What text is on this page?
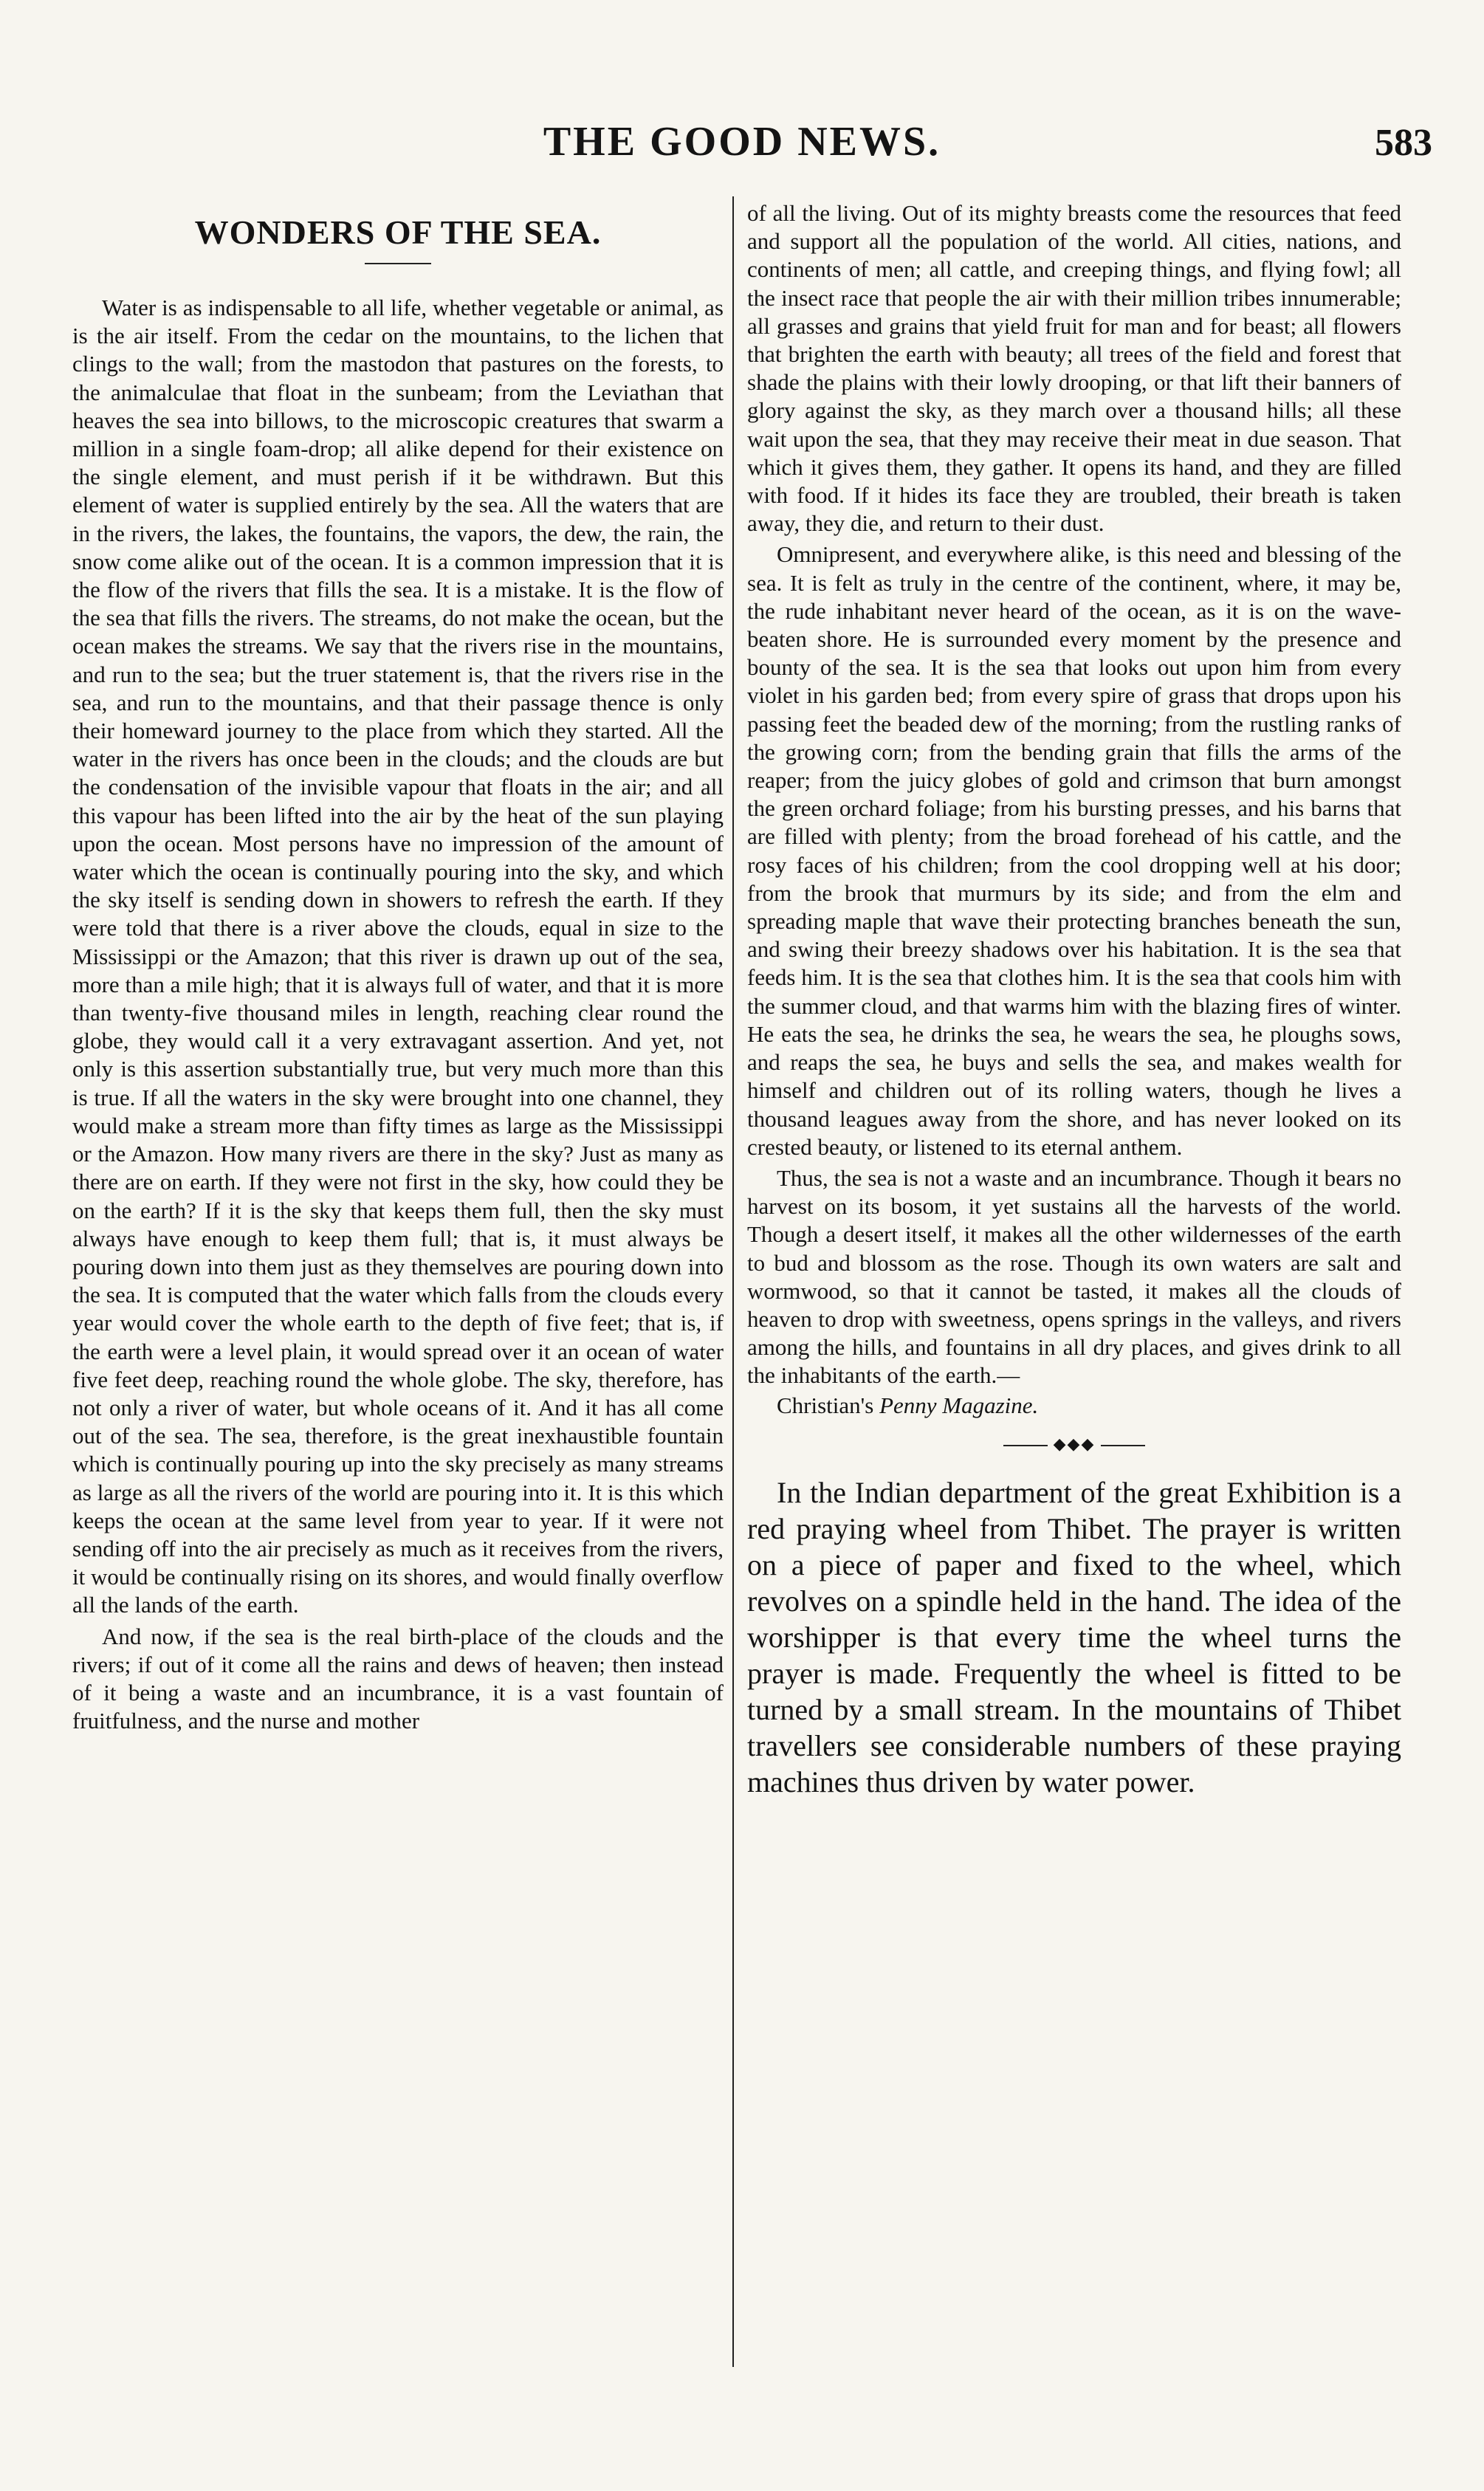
THE GOOD NEWS.	583
WONDERS OF THE SEA.

Water is as indispensable to all life, whether vegetable or animal, as is the air itself. From the cedar on the mountains, to the lichen that clings to the wall; from the mastodon that pastures on the forests, to the animalculae that float in the sunbeam; from the Leviathan that heaves the sea into billows, to the microscopic creatures that swarm a million in a single foam-drop; all alike depend for their existence on the single element, and must perish if it be withdrawn. But this element of water is supplied entirely by the sea. All the waters that are in the rivers, the lakes, the fountains, the vapors, the dew, the rain, the snow come alike out of the ocean. It is a common impression that it is the flow of the rivers that fills the sea. It is a mistake. It is the flow of the sea that fills the rivers. The streams, do not make the ocean, but the ocean makes the streams. We say that the rivers rise in the mountains, and run to the sea; but the truer statement is, that the rivers rise in the sea, and run to the mountains, and that their passage thence is only their homeward journey to the place from which they started. All the water in the rivers has once been in the clouds; and the clouds are but the condensation of the invisible vapour that floats in the air; and all this vapour has been lifted into the air by the heat of the sun playing upon the ocean. Most persons have no impression of the amount of water which the ocean is continually pouring into the sky, and which the sky itself is sending down in showers to refresh the earth. If they were told that there is a river above the clouds, equal in size to the Mississippi or the Amazon; that this river is drawn up out of the sea, more than a mile high; that it is always full of water, and that it is more than twenty-five thousand miles in length, reaching clear round the globe, they would call it a very extravagant assertion. And yet, not only is this assertion substantially true, but very much more than this is true. If all the waters in the sky were brought into one channel, they would make a stream more than fifty times as large as the Mississippi or the Amazon. How many rivers are there in the sky? Just as many as there are on earth. If they were not first in the sky, how could they be on the earth? If it is the sky that keeps them full, then the sky must always have enough to keep them full; that is, it must always be pouring down into them just as they themselves are pouring down into the sea. It is computed that the water which falls from the clouds every year would cover the whole earth to the depth of five feet; that is, if the earth were a level plain, it would spread over it an ocean of water five feet deep, reaching round the whole globe. The sky, therefore, has not only a river of water, but whole oceans of it. And it has all come out of the sea. The sea, therefore, is the great inexhaustible fountain which is continually pouring up into the sky precisely as many streams as large as all the rivers of the world are pouring into it. It is this which keeps the ocean at the same level from year to year. If it were not sending off into the air precisely as much as it receives from the rivers, it would be continually rising on its shores, and would finally overflow all the lands of the earth.

And now, if the sea is the real birth-place of the clouds and the rivers; if out of it come all the rains and dews of heaven; then instead of it being a waste and an incumbrance, it is a vast fountain of fruitfulness, and the nurse and mother

of all the living. Out of its mighty breasts come the resources that feed and support all the population of the world. All cities, nations, and continents of men; all cattle, and creeping things, and flying fowl; all the insect race that people the air with their million tribes innumerable; all grasses and grains that yield fruit for man and for beast; all flowers that brighten the earth with beauty; all trees of the field and forest that shade the plains with their lowly drooping, or that lift their banners of glory against the sky, as they march over a thousand hills; all these wait upon the sea, that they may receive their meat in due season. That which it gives them, they gather. It opens its hand, and they are filled with food. If it hides its face they are troubled, their breath is taken away, they die, and return to their dust.

Omnipresent, and everywhere alike, is this need and blessing of the sea. It is felt as truly in the centre of the continent, where, it may be, the rude inhabitant never heard of the ocean, as it is on the wave-beaten shore. He is surrounded every moment by the presence and bounty of the sea. It is the sea that looks out upon him from every violet in his garden bed; from every spire of grass that drops upon his passing feet the beaded dew of the morning; from the rustling ranks of the growing corn; from the bending grain that fills the arms of the reaper; from the juicy globes of gold and crimson that burn amongst the green orchard foliage; from his bursting presses, and his barns that are filled with plenty; from the broad forehead of his cattle, and the rosy faces of his children; from the cool dropping well at his door; from the brook that murmurs by its side; and from the elm and spreading maple that wave their protecting branches beneath the sun, and swing their breezy shadows over his habitation. It is the sea that feeds him. It is the sea that clothes him. It is the sea that cools him with the summer cloud, and that warms him with the blazing fires of winter. He eats the sea, he drinks the sea, he wears the sea, he ploughs sows, and reaps the sea, he buys and sells the sea, and makes wealth for himself and children out of its rolling waters, though he lives a thousand leagues away from the shore, and has never looked on its crested beauty, or listened to its eternal anthem.

Thus, the sea is not a waste and an incumbrance. Though it bears no harvest on its bosom, it yet sustains all the harvests of the world. Though a desert itself, it makes all the other wildernesses of the earth to bud and blossom as the rose. Though its own waters are salt and wormwood, so that it cannot be tasted, it makes all the clouds of heaven to drop with sweetness, opens springs in the valleys, and rivers among the hills, and fountains in all dry places, and gives drink to all the inhabitants of the earth.—

Christian's Penny Magazine.
◆◆◆

In the Indian department of the great Exhibition is a red praying wheel from Thibet. The prayer is written on a piece of paper and fixed to the wheel, which revolves on a spindle held in the hand. The idea of the worshipper is that every time the wheel turns the prayer is made. Frequently the wheel is fitted to be turned by a small stream. In the mountains of Thibet travellers see considerable numbers of these praying machines thus driven by water power.
